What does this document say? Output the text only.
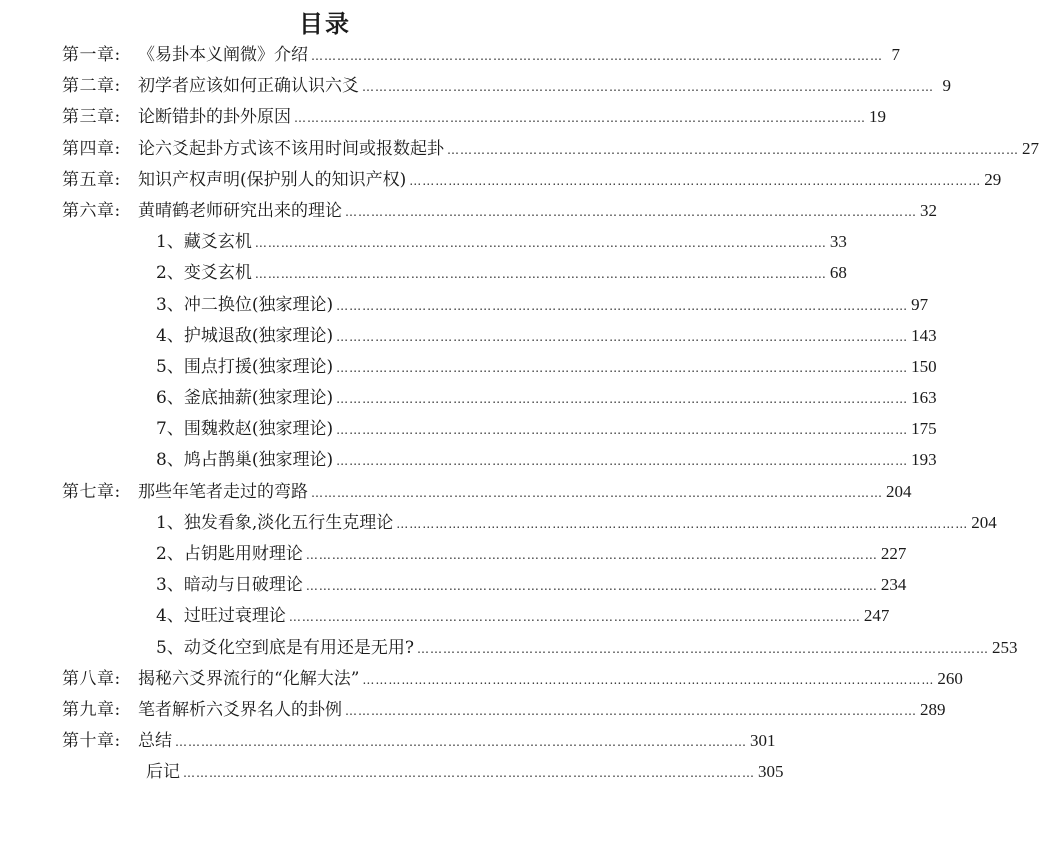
目录
第一章:	《易卦本义阐微》介绍 …………………………………………………………………………………………………………………… 7
第二章:	初学者应该如何正确认识六爻 …………………………………………………………………………………………………………………… 9
第三章:	论断错卦的卦外原因 …………………………………………………………………………………………………………………… 19
第四章:	论六爻起卦方式该不该用时间或报数起卦 …………………………………………………………………………………………………………………… 27
第五章:	知识产权声明(保护别人的知识产权) …………………………………………………………………………………………………………………… 29
第六章:	黄晴鹤老师研究出来的理论 …………………………………………………………………………………………………………………… 32
1、藏爻玄机 …………………………………………………………………………………………………………………… 33
2、变爻玄机 …………………………………………………………………………………………………………………… 68
3、冲二换位(独家理论) …………………………………………………………………………………………………………………… 97
4、护城退敌(独家理论) …………………………………………………………………………………………………………………… 143
5、围点打援(独家理论) …………………………………………………………………………………………………………………… 150
6、釜底抽薪(独家理论) …………………………………………………………………………………………………………………… 163
7、围魏救赵(独家理论) …………………………………………………………………………………………………………………… 175
8、鸠占鹊巢(独家理论) …………………………………………………………………………………………………………………… 193
第七章:	那些年笔者走过的弯路 …………………………………………………………………………………………………………………… 204
1、独发看象,淡化五行生克理论 …………………………………………………………………………………………………………………… 204
2、占钥匙用财理论 …………………………………………………………………………………………………………………… 227
3、暗动与日破理论 …………………………………………………………………………………………………………………… 234
4、过旺过衰理论 …………………………………………………………………………………………………………………… 247
5、动爻化空到底是有用还是无用? …………………………………………………………………………………………………………………… 253
第八章:	揭秘六爻界流行的“化解大法” …………………………………………………………………………………………………………………… 260
第九章:	笔者解析六爻界名人的卦例 …………………………………………………………………………………………………………………… 289
第十章:	总结 …………………………………………………………………………………………………………………… 301
后记 …………………………………………………………………………………………………………………… 305
